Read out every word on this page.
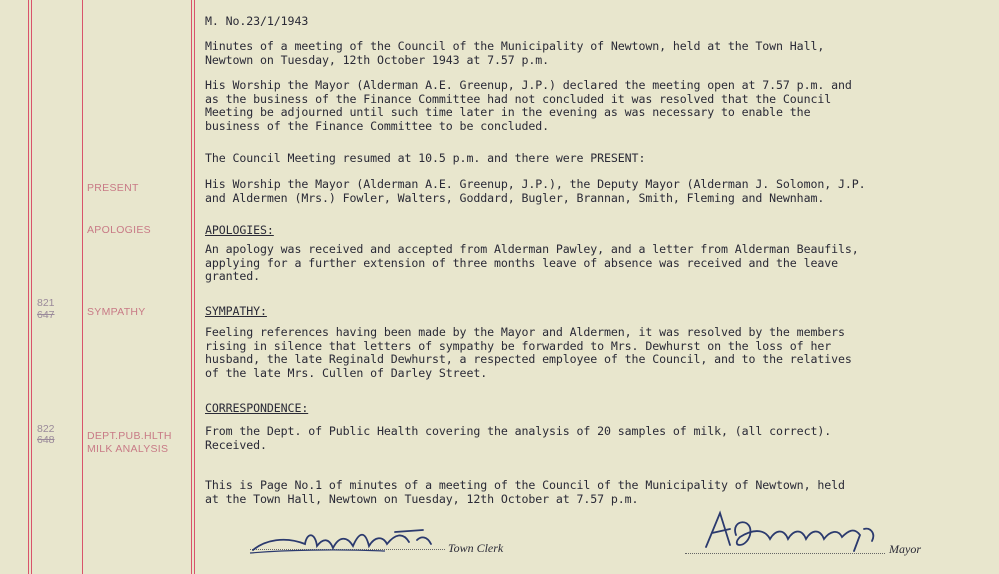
PRESENT
APOLOGIES
SYMPATHY
DEPT.PUB.HLTH
MILK ANALYSIS
821
647
822
648
M. No.23/1/1943
Minutes of a meeting of the Council of the Municipality of Newtown, held at the Town Hall,
Newtown on Tuesday, 12th October 1943 at 7.57 p.m.
His Worship the Mayor (Alderman A.E. Greenup, J.P.) declared the meeting open at 7.57 p.m. and
as the business of the Finance Committee had not concluded it was resolved that the Council
Meeting be adjourned until such time later in the evening as was necessary to enable the
business of the Finance Committee to be concluded.
The Council Meeting resumed at 10.5 p.m. and there were PRESENT:
His Worship the Mayor (Alderman A.E. Greenup, J.P.), the Deputy Mayor (Alderman J. Solomon, J.P.
and Aldermen (Mrs.) Fowler, Walters, Goddard, Bugler, Brannan, Smith, Fleming and Newnham.
APOLOGIES:
An apology was received and accepted from Alderman Pawley, and a letter from Alderman Beaufils,
applying for a further extension of three months leave of absence was received and the leave
granted.
SYMPATHY:
Feeling references having been made by the Mayor and Aldermen, it was resolved by the members
rising in silence that letters of sympathy be forwarded to Mrs. Dewhurst on the loss of her
husband, the late Reginald Dewhurst, a respected employee of the Council, and to the relatives
of the late Mrs. Cullen of Darley Street.
CORRESPONDENCE:
From the Dept. of Public Health covering the analysis of 20 samples of milk, (all correct).
Received.
This is Page No.1 of minutes of a meeting of the Council of the Municipality of Newtown, held
at the Town Hall, Newtown on Tuesday, 12th October at 7.57 p.m.
Town Clerk	Mayor
